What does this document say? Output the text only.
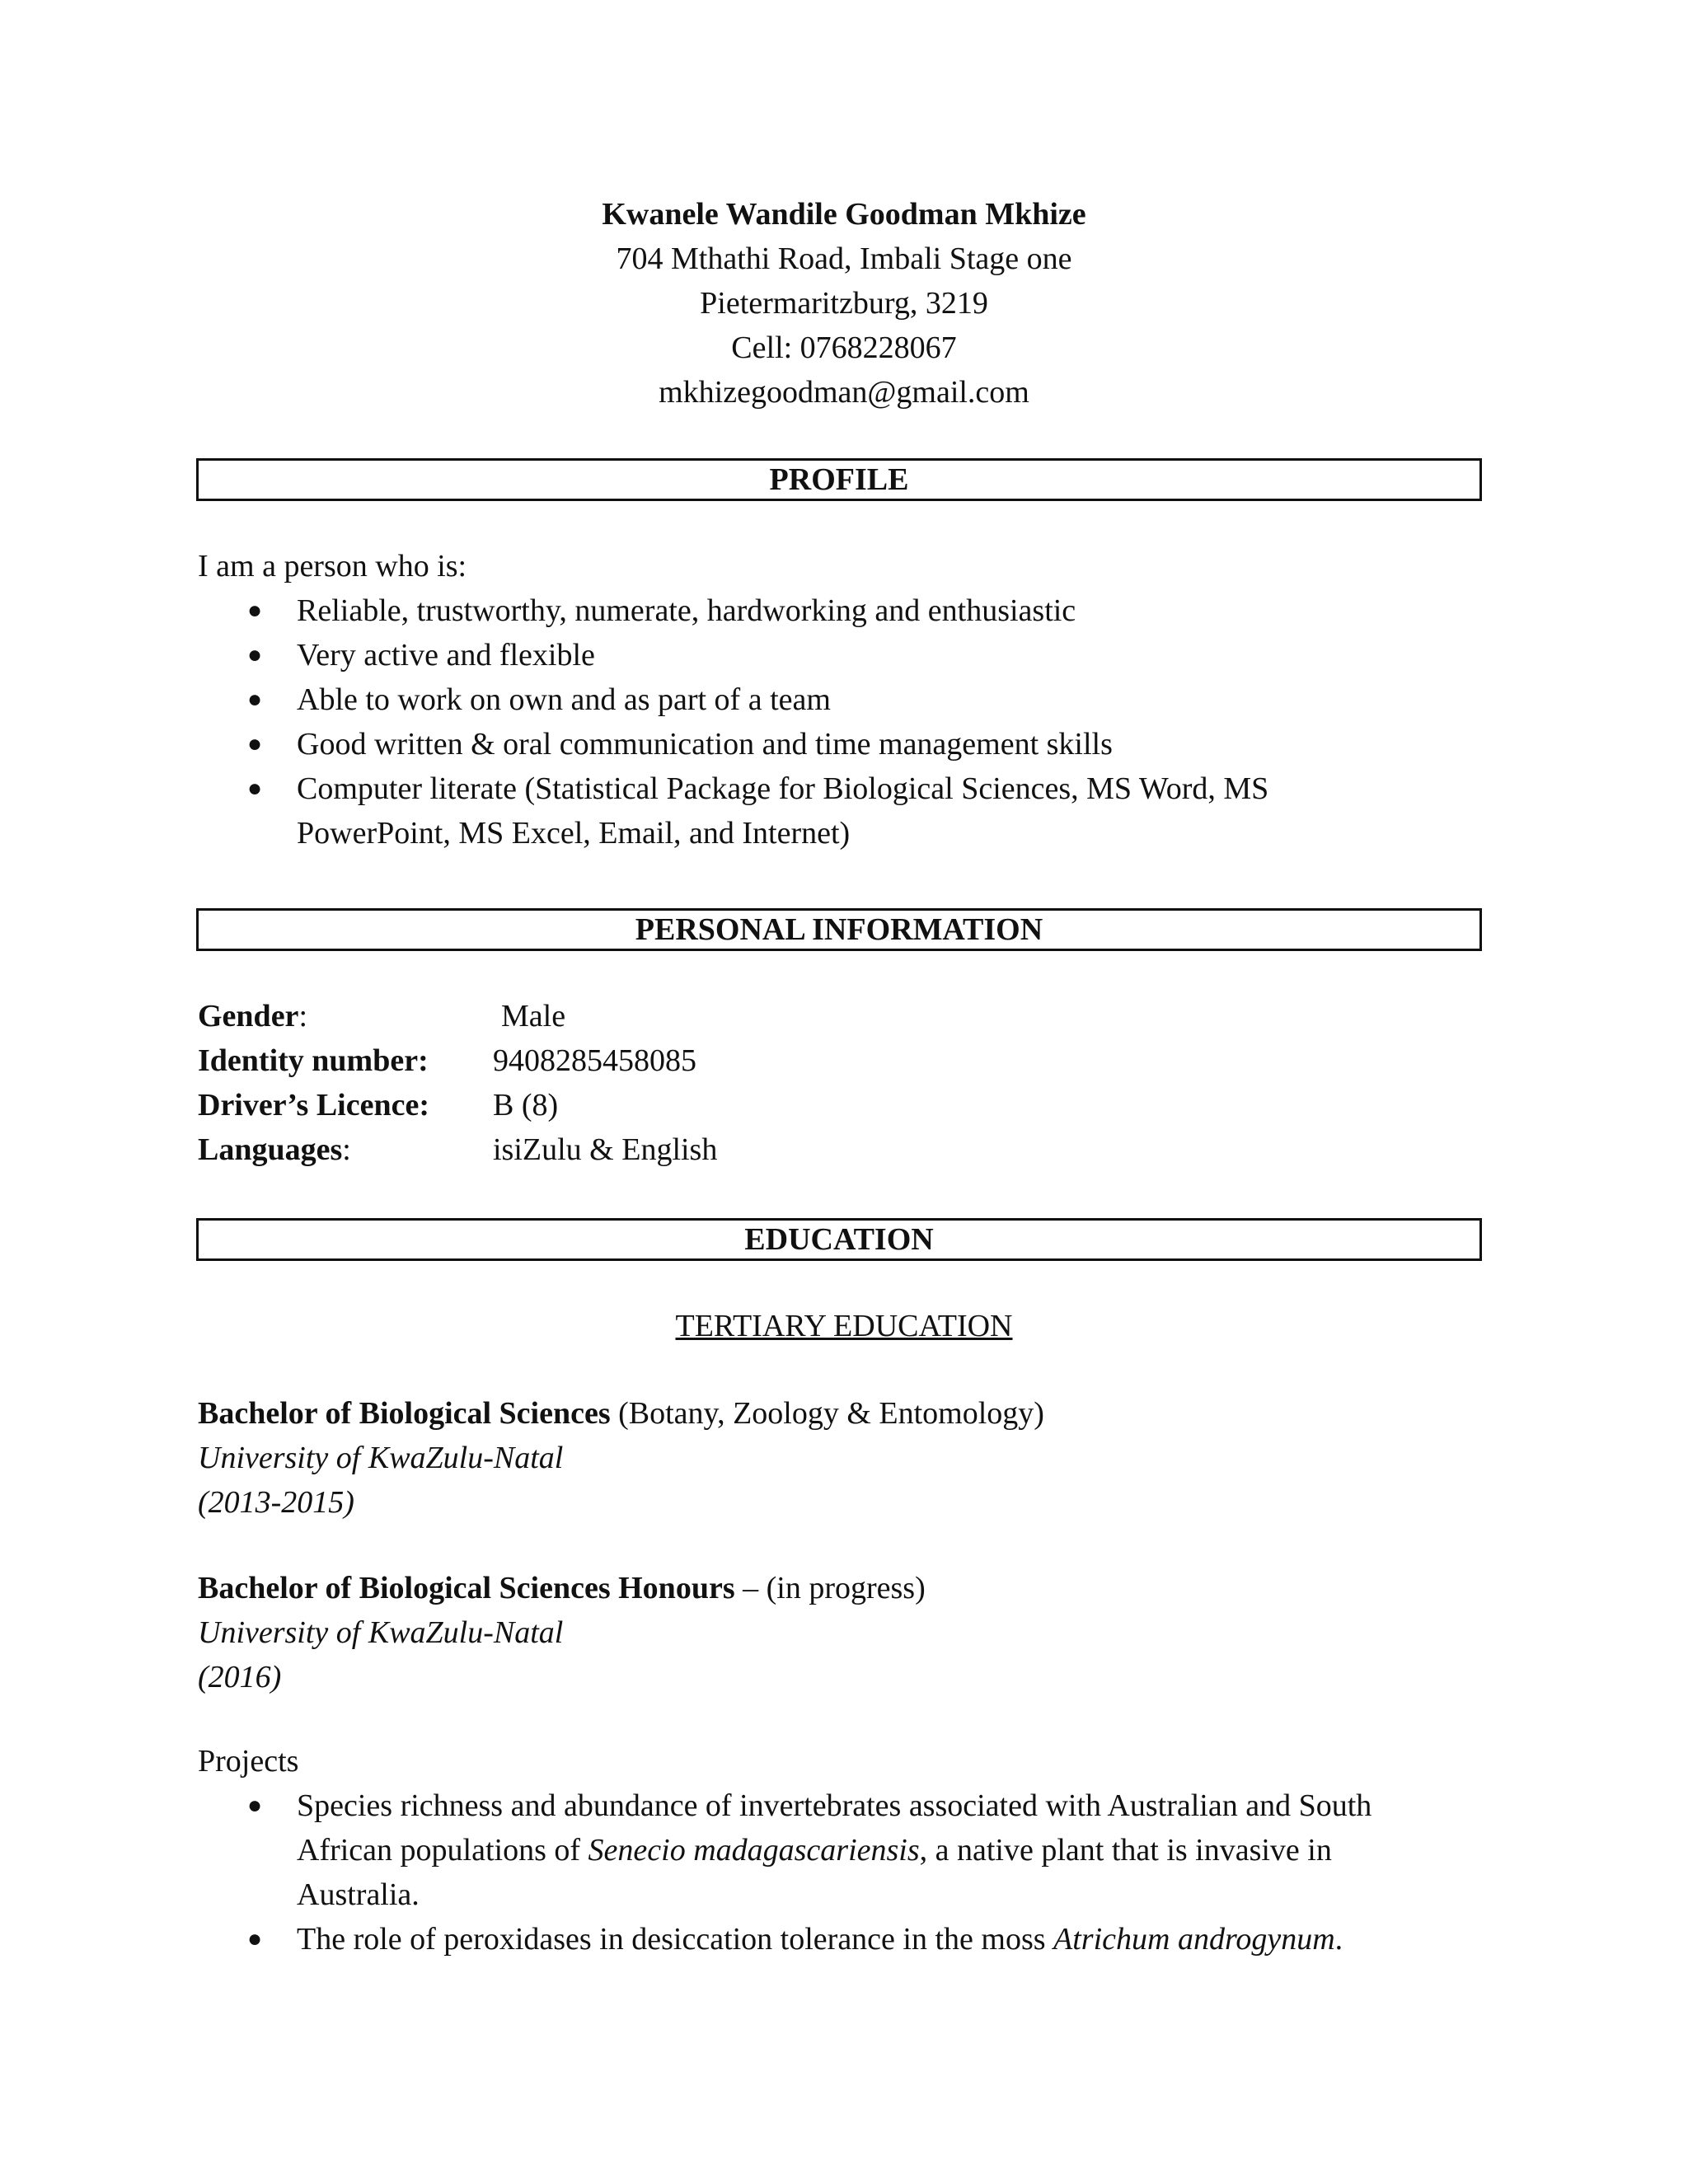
Kwanele Wandile Goodman Mkhize
704 Mthathi Road, Imbali Stage one
Pietermaritzburg, 3219
Cell: 0768228067
mkhizegoodman@gmail.com
PROFILE
I am a person who is:
● Reliable, trustworthy, numerate, hardworking and enthusiastic
● Very active and flexible
● Able to work on own and as part of a team
● Good written & oral communication and time management skills
● Computer literate (Statistical Package for Biological Sciences, MS Word, MS
PowerPoint, MS Excel, Email, and Internet)
PERSONAL INFORMATION
Gender:	Male
Identity number: 9408285458085
Driver’s Licence: B (8)
Languages:	isiZulu & English
EDUCATION
TERTIARY EDUCATION
Bachelor of Biological Sciences (Botany, Zoology & Entomology)
University of KwaZulu-Natal
(2013-2015)
Bachelor of Biological Sciences Honours – (in progress)
University of KwaZulu-Natal
(2016)
Projects
● Species richness and abundance of invertebrates associated with Australian and South
African populations of Senecio madagascariensis, a native plant that is invasive in
Australia.
● The role of peroxidases in desiccation tolerance in the moss Atrichum androgynum.
